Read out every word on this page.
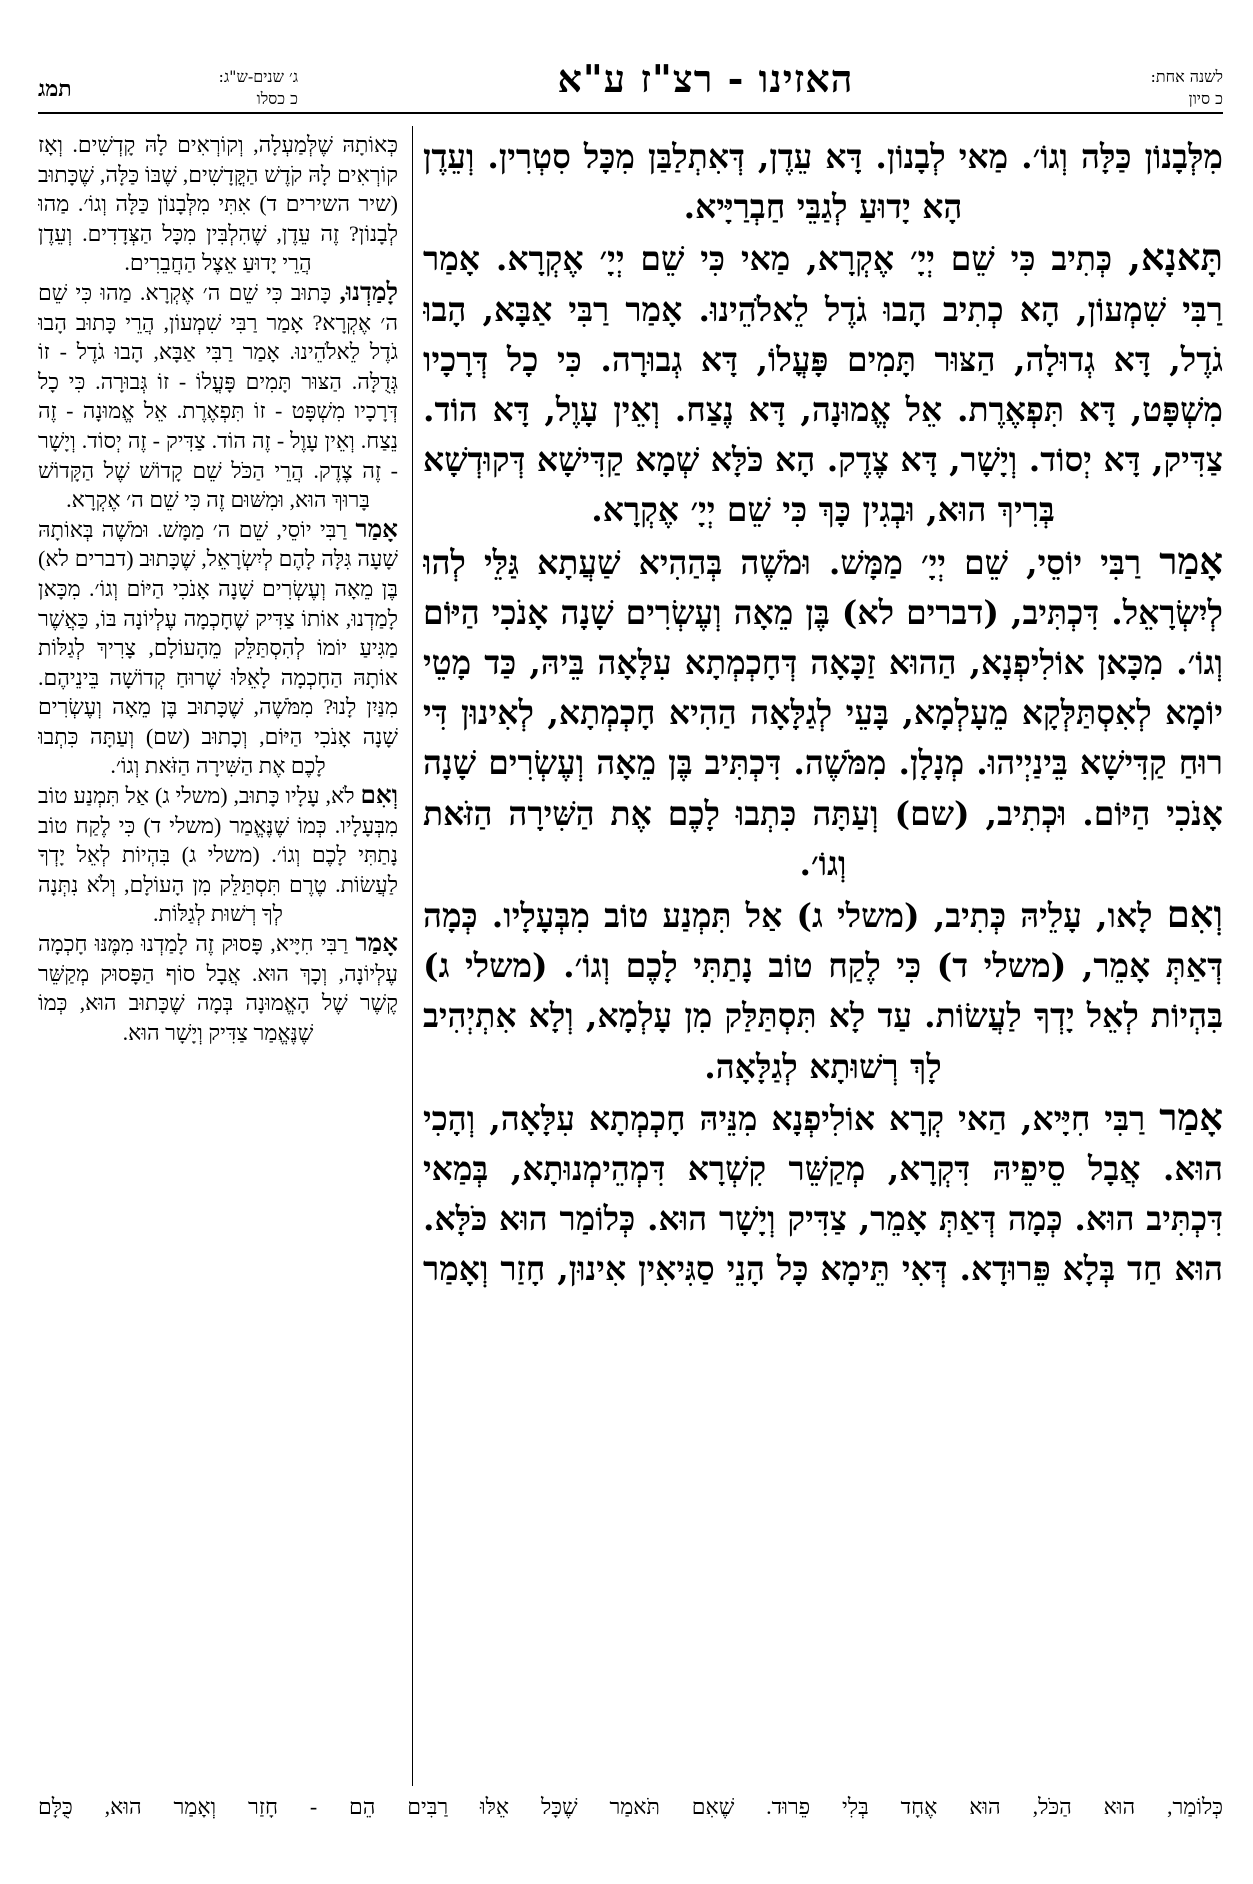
לשנה אחת:
כ סיון
האזינו - רצ"ז ע"א
ג׳ שנים-ש"ג:
כ כסלו
תמג

מִלְּבָנוֹן כַּלָּה וְגוֹ׳. מַאי לְבָנוֹן. דָּא עֵדֶן, דְּאִתְלַבַּן מִכָּל סִטְרִין. וְעֵדֶן הָא יָדוּעַ לְגַבֵּי חַבְרַיָּיא.

תָּאנָא, כְּתִיב כִּי שֵׁם יְיָ׳ אֶקְרָא, מַאי כִּי שֵׁם יְיָ׳ אֶקְרָא. אָמַר רַבִּי שִׁמְעוֹן, הָא כְתִיב הָבוּ גֹדֶל לֵאלֹהֵינוּ. אָמַר רַבִּי אַבָּא, הָבוּ גֹדֶל, דָּא גְדוּלָה, הַצּוּר תָּמִים פָּעֳלוֹ, דָּא גְבוּרָה. כִּי כָל דְּרָכָיו מִשְׁפָּט, דָּא תִּפְאֶרֶת. אֵל אֱמוּנָה, דָּא נֶצַח. וְאֵין עָוֶל, דָּא הוֹד. צַדִּיק, דָּא יְסוֹד. וְיָשָׁר, דָּא צֶדֶק. הָא כֹּלָּא שְׁמָא קַדִּישָׁא דְּקוּדְשָׁא בְּרִיךְ הוּא, וּבְגִין כָּךְ כִּי שֵׁם יְיָ׳ אֶקְרָא.

אָמַר רַבִּי יוֹסֵי, שֵׁם יְיָ׳ מַמָּשׁ. וּמֹשֶׁה בְּהַהִיא שַׁעֲתָא גַּלֵּי לְהוּ לְיִשְׂרָאֵל. דִּכְתִּיב, (דברים לא) בֶּן מֵאָה וְעֶשְׂרִים שָׁנָה אָנֹכִי הַיּוֹם וְגוֹ׳. מִכָּאן אוֹלִיפְנָא, הַהוּא זַכָּאָה דְּחָכְמְתָא עִלָּאָה בֵּיהּ, כַּד מָטֵי יוֹמָא לְאִסְתַּלְּקָא מֵעָלְמָא, בָּעֵי לְגַלָּאָה הַהִיא חָכְמְתָא, לְאִינוּן דִּי רוּחַ קַדִּישָׁא בֵּינַיְיהוּ. מְנָלָן. מִמֹּשֶׁה. דִּכְתִּיב בֶּן מֵאָה וְעֶשְׂרִים שָׁנָה אָנֹכִי הַיּוֹם. וּכְתִיב, (שם) וְעַתָּה כִּתְבוּ לָכֶם אֶת הַשִּׁירָה הַזֹּאת וְגוֹ׳.

וְאִם לָאו, עָלֵיהּ כְּתִיב, (משלי ג) אַל תִּמְנַע טוֹב מִבְּעָלָיו. כְּמָה דְּאַתְּ אָמֵר, (משלי ד) כִּי לֶקַח טוֹב נָתַתִּי לָכֶם וְגוֹ׳. (משלי ג) בִּהְיוֹת לְאֵל יָדְךָ לַעֲשׂוֹת. עַד לָא תִּסְתַּלַּק מִן עָלְמָא, וְלָא אִתְיְהִיב לָךְ רְשׁוּתָא לְגַלָּאָה.

אָמַר רַבִּי חִיָּיא, הַאי קְרָא אוֹלִיפְנָא מִנֵּיהּ חָכְמְתָא עִלָּאָה, וְהָכִי הוּא. אֲבָל סֵיפֵיהּ דִּקְרָא, מְקַשֵּׁר קִשְׁרָא דִּמְהֵימְנוּתָא, בְּמַאי דִּכְתִּיב הוּא. כְּמָה דְּאַתְּ אָמֵר, צַדִּיק וְיָשָׁר הוּא. כְּלוֹמַר הוּא כֹּלָּא. הוּא חַד בְּלָא פֵּרוּדָא. דְּאִי תֵּימָא כָּל הָנֵי סַגִּיאִין אִינוּן, חָזַר וְאָמַר

כְּאוֹתָהּ שֶׁלְּמַעְלָה, וְקוֹרְאִים לָהּ קָדְשִׁים. וְאָז קוֹרְאִים לָהּ קֹדֶשׁ הַקֳּדָשִׁים, שֶׁבּוֹ כַּלָּה, שֶׁכָּתוּב (שיר השירים ד) אִתִּי מִלְּבָנוֹן כַּלָּה וְגוֹ׳. מַהוּ לְבָנוֹן? זֶה עֵדֶן, שֶׁהִלְבִּין מִכָּל הַצְּדָדִים. וְעֵדֶן הֲרֵי יָדוּעַ אֵצֶל הַחֲבֵרִים.

לָמַדְנוּ, כָּתוּב כִּי שֵׁם ה׳ אֶקְרָא. מַהוּ כִּי שֵׁם ה׳ אֶקְרָא? אָמַר רַבִּי שִׁמְעוֹן, הֲרֵי כָּתוּב הָבוּ גֹדֶל לֵאלֹהֵינוּ. אָמַר רַבִּי אַבָּא, הָבוּ גֹדֶל - זוֹ גְּדֻלָּה. הַצּוּר תָּמִים פָּעֳלוֹ - זוֹ גְּבוּרָה. כִּי כָל דְּרָכָיו מִשְׁפָּט - זוֹ תִּפְאֶרֶת. אֵל אֱמוּנָה - זֶה נֵצַח. וְאֵין עָוֶל - זֶה הוֹד. צַדִּיק - זֶה יְסוֹד. וְיָשָׁר - זֶה צֶדֶק. הֲרֵי הַכֹּל שֵׁם קָדוֹשׁ שֶׁל הַקָּדוֹשׁ בָּרוּךְ הוּא, וּמִשּׁוּם זֶה כִּי שֵׁם ה׳ אֶקְרָא.

אָמַר רַבִּי יוֹסֵי, שֵׁם ה׳ מַמָּשׁ. וּמֹשֶׁה בְּאוֹתָהּ שָׁעָה גִּלָּה לָהֶם לְיִשְׂרָאֵל, שֶׁכָּתוּב (דברים לא) בֶּן מֵאָה וְעֶשְׂרִים שָׁנָה אָנֹכִי הַיּוֹם וְגוֹ׳. מִכָּאן לָמַדְנוּ, אוֹתוֹ צַדִּיק שֶׁחָכְמָה עֶלְיוֹנָה בּוֹ, כַּאֲשֶׁר מַגִּיעַ יוֹמוֹ לְהִסְתַּלֵּק מֵהָעוֹלָם, צָרִיךְ לְגַלּוֹת אוֹתָהּ הַחָכְמָה לָאֵלּוּ שֶׁרוּחַ קְדוֹשָׁה בֵּינֵיהֶם. מִנַּיִן לָנוּ? מִמֹּשֶׁה, שֶׁכָּתוּב בֶּן מֵאָה וְעֶשְׂרִים שָׁנָה אָנֹכִי הַיּוֹם, וְכָתוּב (שם) וְעַתָּה כִּתְבוּ לָכֶם אֶת הַשִּׁירָה הַזֹּאת וְגוֹ׳.

וְאִם לֹא, עָלָיו כָּתוּב, (משלי ג) אַל תִּמְנַע טוֹב מִבְּעָלָיו. כְּמוֹ שֶׁנֶּאֱמַר (משלי ד) כִּי לֶקַח טוֹב נָתַתִּי לָכֶם וְגוֹ׳. (משלי ג) בִּהְיוֹת לְאֵל יָדְךָ לַעֲשׂוֹת. טֶרֶם תִּסְתַּלֵּק מִן הָעוֹלָם, וְלֹא נִתְּנָה לְךָ רְשׁוּת לְגַלּוֹת.

אָמַר רַבִּי חִיָּיא, פָּסוּק זֶה לָמַדְנוּ מִמֶּנּוּ חָכְמָה עֶלְיוֹנָה, וְכָךְ הוּא. אֲבָל סוֹף הַפָּסוּק מְקַשֵּׁר קֶשֶׁר שֶׁל הָאֱמוּנָה בְּמָה שֶׁכָּתוּב הוּא, כְּמוֹ שֶׁנֶּאֱמַר צַדִּיק וְיָשָׁר הוּא.

כְּלוֹמַר, הוּא הַכֹּל, הוּא אֶחָד בְּלִי פֵרוּד. שֶׁאִם תֹּאמַר שֶׁכָּל אֵלּוּ רַבִּים הֵם - חָזַר וְאָמַר הוּא, כֻּלָּם
